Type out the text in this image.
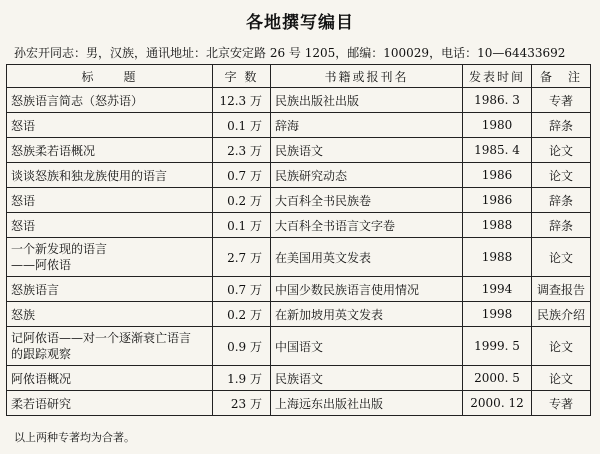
各地撰写编目
孙宏开同志：男，汉族，通讯地址：北京安定路 26 号 1205，邮编：100029，电话：10—64433692
标　　题	字 数	书籍或报刊名	发表时间	备　注

怒族语言简志（怒苏语）	12.3 万	民族出版社出版	1986. 3	专著

怒语	0.1 万	辞海	1980	辞条

怒族柔若语概况	2.3 万	民族语文	1985. 4	论文

谈谈怒族和独龙族使用的语言	0.7 万	民族研究动态	1986	论文

怒语	0.2 万	大百科全书民族卷	1986	辞条

怒语	0.1 万	大百科全书语言文字卷	1988	辞条

一个新发现的语言
——阿侬语	2.7 万	在美国用英文发表	1988	论文

怒族语言	0.7 万	中国少数民族语言使用情况	1994	调查报告

怒族	0.2 万	在新加坡用英文发表	1998	民族介绍

记阿侬语——对一个逐渐衰亡语言
的跟踪观察	0.9 万	中国语文	1999. 5	论文

阿侬语概况	1.9 万	民族语文	2000. 5	论文

柔若语研究	23 万	上海远东出版社出版	2000. 12	专著
以上两种专著均为合著。
